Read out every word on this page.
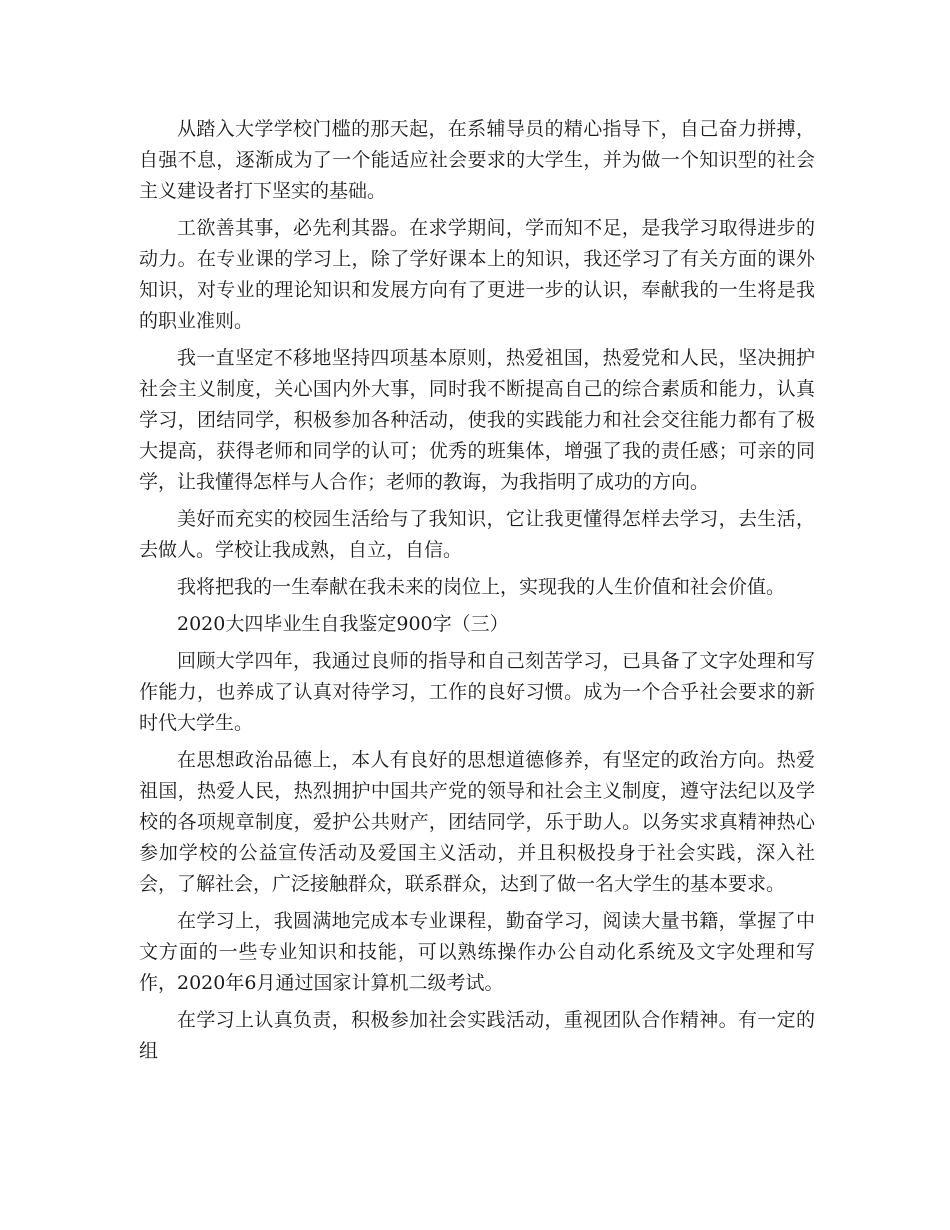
从踏入大学学校门槛的那天起，在系辅导员的精心指导下，自己奋力拼搏，自强不息，逐渐成为了一个能适应社会要求的大学生，并为做一个知识型的社会主义建设者打下坚实的基础。

工欲善其事，必先利其器。在求学期间，学而知不足，是我学习取得进步的动力。在专业课的学习上，除了学好课本上的知识，我还学习了有关方面的课外知识，对专业的理论知识和发展方向有了更进一步的认识，奉献我的一生将是我的职业准则。

我一直坚定不移地坚持四项基本原则，热爱祖国，热爱党和人民，坚决拥护社会主义制度，关心国内外大事，同时我不断提高自己的综合素质和能力，认真学习，团结同学，积极参加各种活动，使我的实践能力和社会交往能力都有了极大提高，获得老师和同学的认可；优秀的班集体，增强了我的责任感；可亲的同学，让我懂得怎样与人合作；老师的教诲，为我指明了成功的方向。

美好而充实的校园生活给与了我知识，它让我更懂得怎样去学习，去生活，去做人。学校让我成熟，自立，自信。

我将把我的一生奉献在我未来的岗位上，实现我的人生价值和社会价值。

2020大四毕业生自我鉴定900字（三）

回顾大学四年，我通过良师的指导和自己刻苦学习，已具备了文字处理和写作能力，也养成了认真对待学习，工作的良好习惯。成为一个合乎社会要求的新时代大学生。

在思想政治品德上，本人有良好的思想道德修养，有坚定的政治方向。热爱祖国，热爱人民，热烈拥护中国共产党的领导和社会主义制度，遵守法纪以及学校的各项规章制度，爱护公共财产，团结同学，乐于助人。以务实求真精神热心参加学校的公益宣传活动及爱国主义活动，并且积极投身于社会实践，深入社会，了解社会，广泛接触群众，联系群众，达到了做一名大学生的基本要求。

在学习上，我圆满地完成本专业课程，勤奋学习，阅读大量书籍，掌握了中文方面的一些专业知识和技能，可以熟练操作办公自动化系统及文字处理和写作，2020年6月通过国家计算机二级考试。

在学习上认真负责，积极参加社会实践活动，重视团队合作精神。有一定的组
